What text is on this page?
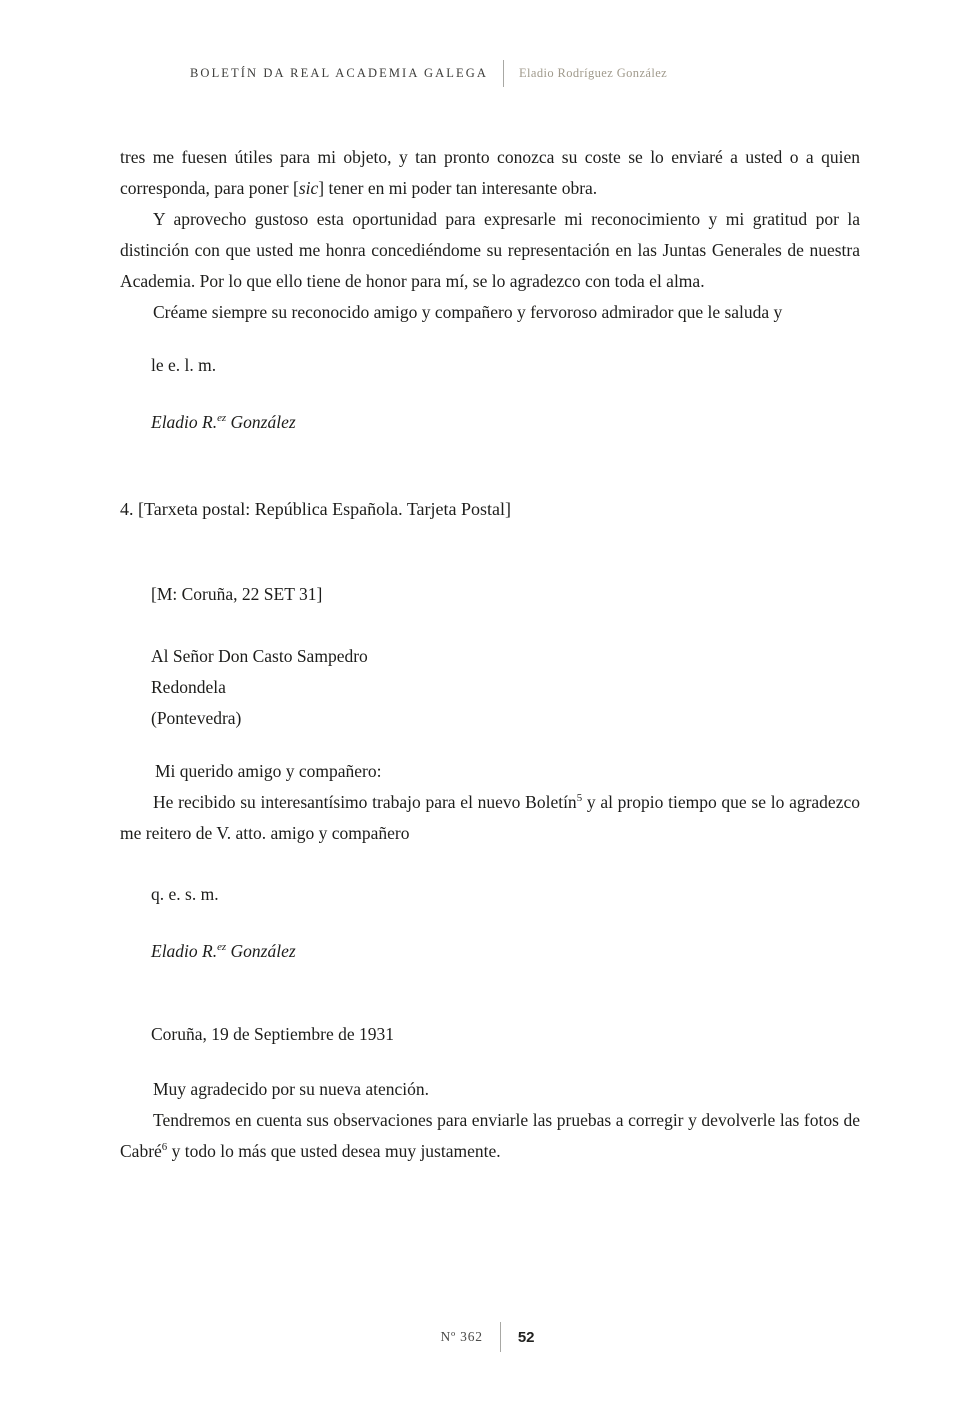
BOLETÍN DA REAL ACADEMIA GALEGA Eladio Rodríguez González

tres me fuesen útiles para mi objeto, y tan pronto conozca su coste se lo enviaré a usted o a quien corresponda, para poner [sic] tener en mi poder tan interesante obra.

Y aprovecho gustoso esta oportunidad para expresarle mi reconocimiento y mi gratitud por la distinción con que usted me honra concediéndome su representación en las Juntas Generales de nuestra Academia. Por lo que ello tiene de honor para mí, se lo agradezco con toda el alma.

Créame siempre su reconocido amigo y compañero y fervoroso admirador que le saluda y

le e. l. m.

Eladio R.$^{ez}$ González

4. [Tarxeta postal: República Española. Tarjeta Postal]

[M: Coruña, 22 SET 31]

Al Señor Don Casto Sampedro

Redondela

(Pontevedra)

Mi querido amigo y compañero:

He recibido su interesantísimo trabajo para el nuevo Boletín$^5$ y al propio tiempo que se lo agradezco me reitero de V. atto. amigo y compañero

q. e. s. m.

Eladio R.$^{ez}$ González

Coruña, 19 de Septiembre de 1931

Muy agradecido por su nueva atención.

Tendremos en cuenta sus observaciones para enviarle las pruebas a corregir y devolverle las fotos de Cabré$^6$ y todo lo más que usted desea muy justamente.

Nº 362 52
